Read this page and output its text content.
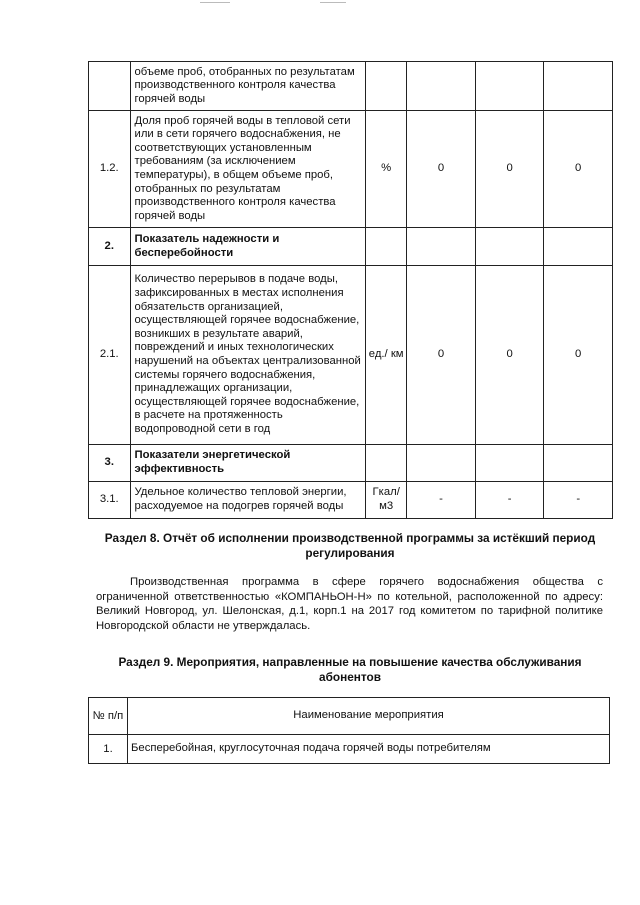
	объеме проб, отобранных по результатам производственного контроля качества горячей воды				
1.2.	Доля проб горячей воды в тепловой сети или в сети горячего водоснабжения, не соответствующих установленным требованиям (за исключением температуры), в общем объеме проб, отобранных по результатам производственного контроля качества горячей воды	%	0	0	0
2.	Показатель надежности и бесперебойности				
2.1.	Количество перерывов в подаче воды, зафиксированных в местах исполнения обязательств организацией, осуществляющей горячее водоснабжение, возникших в результате аварий, повреждений и иных технологических нарушений на объектах централизованной системы горячего водоснабжения, принадлежащих организации, осуществляющей горячее водоснабжение, в расчете на протяженность водопроводной сети в год	ед./ км	0	0	0
3.	Показатели энергетической эффективность				
3.1.	Удельное количество тепловой энергии, расходуемое на подогрев горячей воды	Гкал/ м3	-	-	-
Раздел 8. Отчёт об исполнении производственной программы за истёкший период регулирования
Производственная программа в сфере горячего водоснабжения общества с ограниченной ответственностью «КОМПАНЬОН-Н» по котельной, расположенной по адресу: Великий Новгород, ул. Шелонская, д.1, корп.1 на 2017 год комитетом по тарифной политике Новгородской области не утверждалась.
Раздел 9. Мероприятия, направленные на повышение качества обслуживания абонентов
№ п/п	Наименование мероприятия
1.	Бесперебойная, круглосуточная подача горячей воды потребителям
